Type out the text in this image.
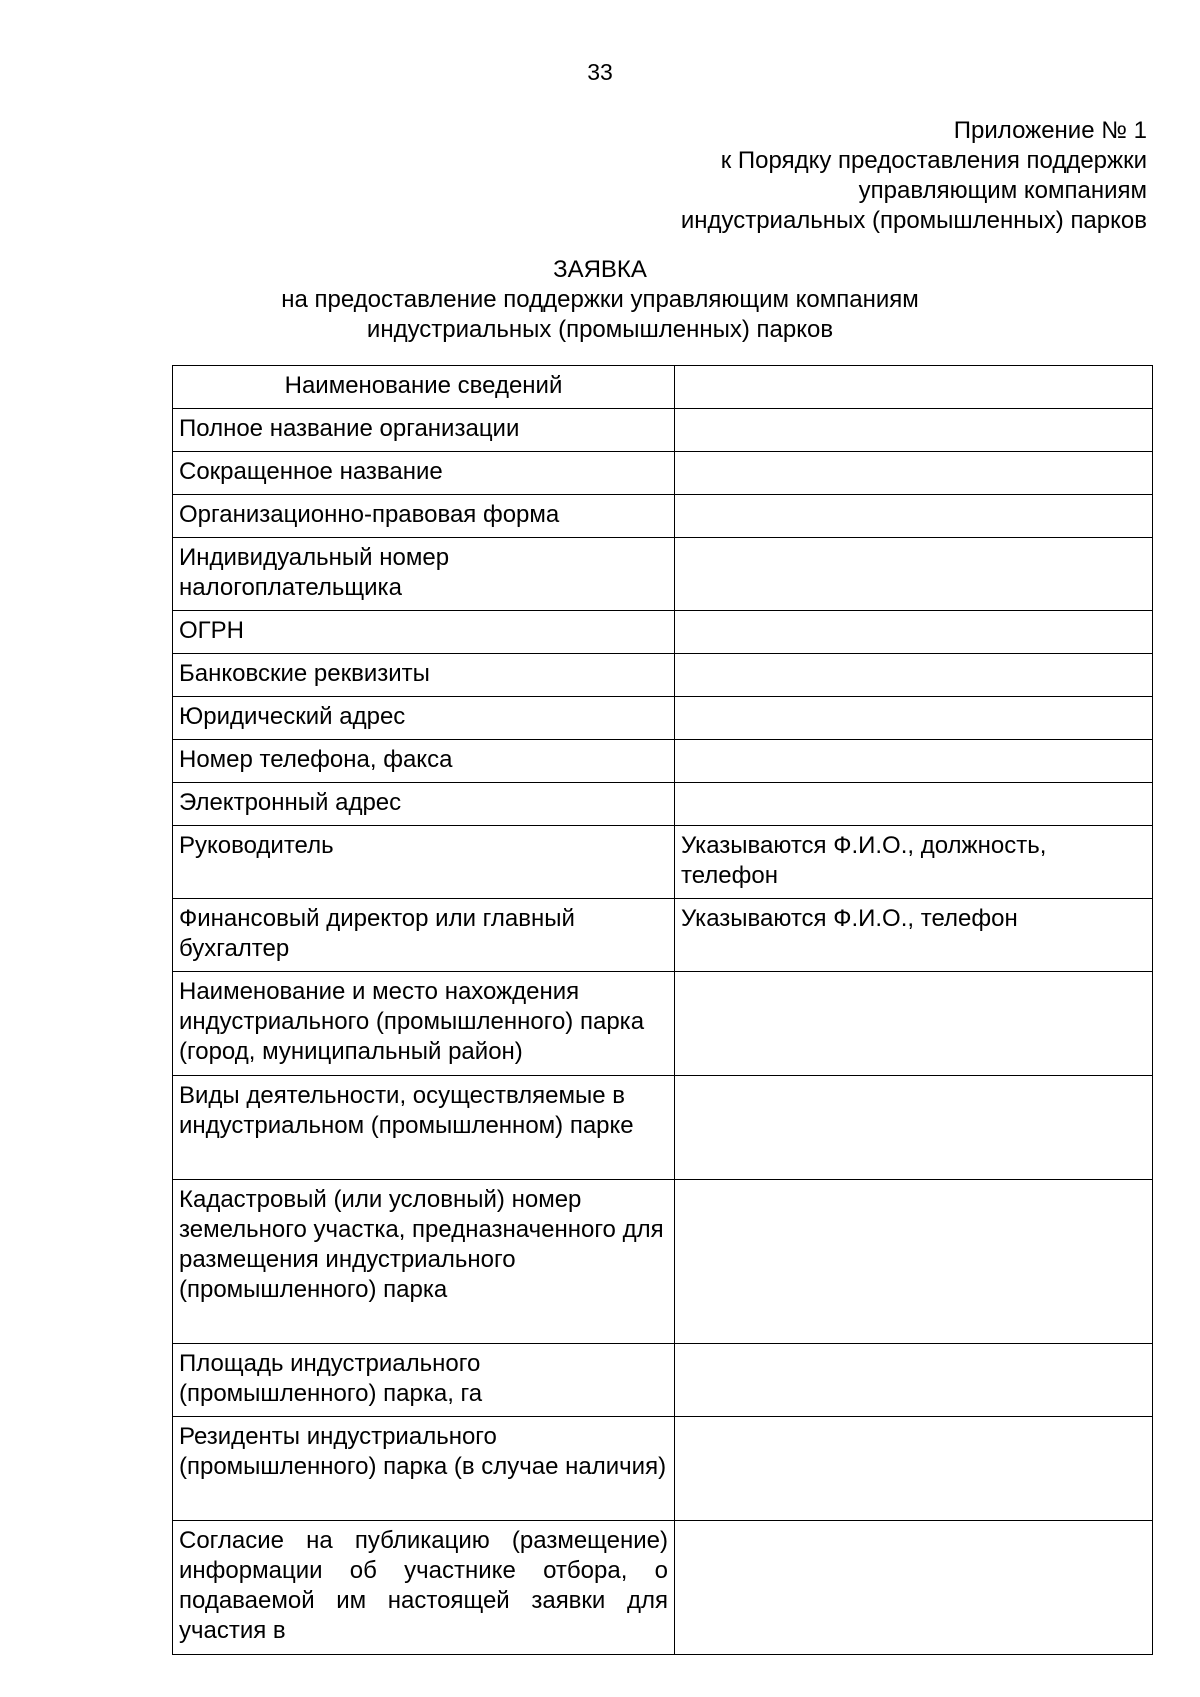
33
Приложение № 1
к Порядку предоставления поддержки
управляющим компаниям
индустриальных (промышленных) парков
ЗАЯВКА
на предоставление поддержки управляющим компаниям
индустриальных (промышленных) парков
Наименование сведений	
Полное название организации	
Сокращенное название	
Организационно-правовая форма	
Индивидуальный номер налогоплательщика	
ОГРН	
Банковские реквизиты	
Юридический адрес	
Номер телефона, факса	
Электронный адрес	
Руководитель	Указываются Ф.И.О., должность, телефон
Финансовый директор или главный бухгалтер	Указываются Ф.И.О., телефон
Наименование и место нахождения индустриального (промышленного) парка (город, муниципальный район)	
Виды деятельности, осуществляемые в индустриальном (промышленном) парке	
Кадастровый (или условный) номер земельного участка, предназначенного для размещения индустриального (промышленного) парка	
Площадь индустриального (промышленного) парка, га	
Резиденты индустриального (промышленного) парка (в случае наличия)	
Согласие на публикацию (размещение) информации об участнике отбора, о подаваемой им настоящей заявки для участия в	
